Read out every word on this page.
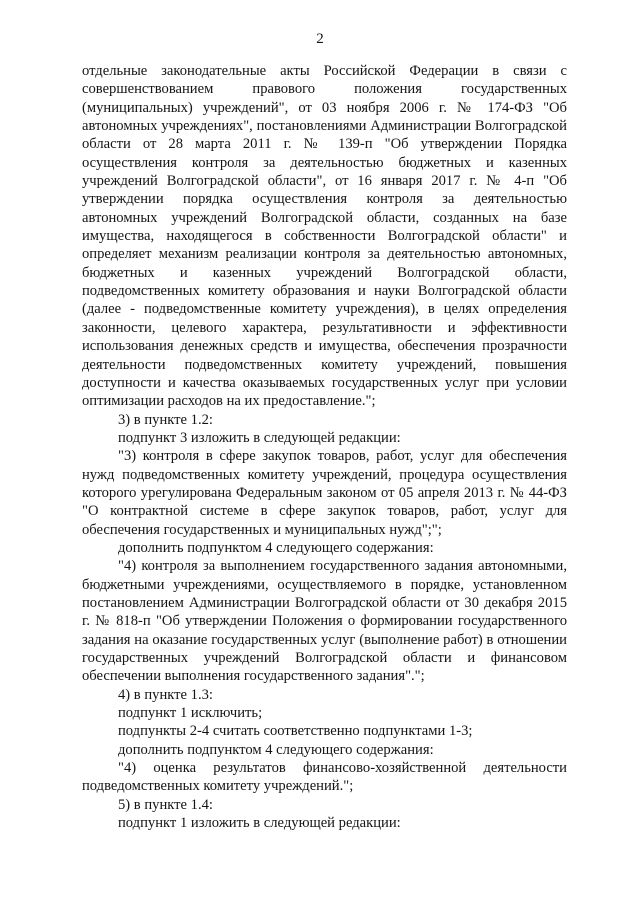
2

отдельные законодательные акты Российской Федерации в связи с совершенствованием правового положения государственных (муниципальных) учреждений", от 03 ноября 2006 г. № 174-ФЗ "Об автономных учреждениях", постановлениями Администрации Волгоградской области от 28 марта 2011 г. № 139-п "Об утверждении Порядка осуществления контроля за деятельностью бюджетных и казенных учреждений Волгоградской области", от 16 января 2017 г. № 4-п "Об утверждении порядка осуществления контроля за деятельностью автономных учреждений Волгоградской области, созданных на базе имущества, находящегося в собственности Волгоградской области" и определяет механизм реализации контроля за деятельностью автономных, бюджетных и казенных учреждений Волгоградской области, подведомственных комитету образования и науки Волгоградской области (далее - подведомственные комитету учреждения), в целях определения законности, целевого характера, результативности и эффективности использования денежных средств и имущества, обеспечения прозрачности деятельности подведомственных комитету учреждений, повышения доступности и качества оказываемых государственных услуг при условии оптимизации расходов на их предоставление.";

3) в пункте 1.2:

подпункт 3 изложить в следующей редакции:

"3) контроля в сфере закупок товаров, работ, услуг для обеспечения нужд подведомственных комитету учреждений, процедура осуществления которого урегулирована Федеральным законом от 05 апреля 2013 г. № 44-ФЗ "О контрактной системе в сфере закупок товаров, работ, услуг для обеспечения государственных и муниципальных нужд";";

дополнить подпунктом 4 следующего содержания:

"4) контроля за выполнением государственного задания автономными, бюджетными учреждениями, осуществляемого в порядке, установленном постановлением Администрации Волгоградской области от 30 декабря 2015 г. № 818-п "Об утверждении Положения о формировании государственного задания на оказание государственных услуг (выполнение работ) в отношении государственных учреждений Волгоградской области и финансовом обеспечении выполнения государственного задания".";

4) в пункте 1.3:

подпункт 1 исключить;

подпункты 2-4 считать соответственно подпунктами 1-3;

дополнить подпунктом 4 следующего содержания:

"4) оценка результатов финансово-хозяйственной деятельности подведомственных комитету учреждений.";

5) в пункте 1.4:

подпункт 1 изложить в следующей редакции:
